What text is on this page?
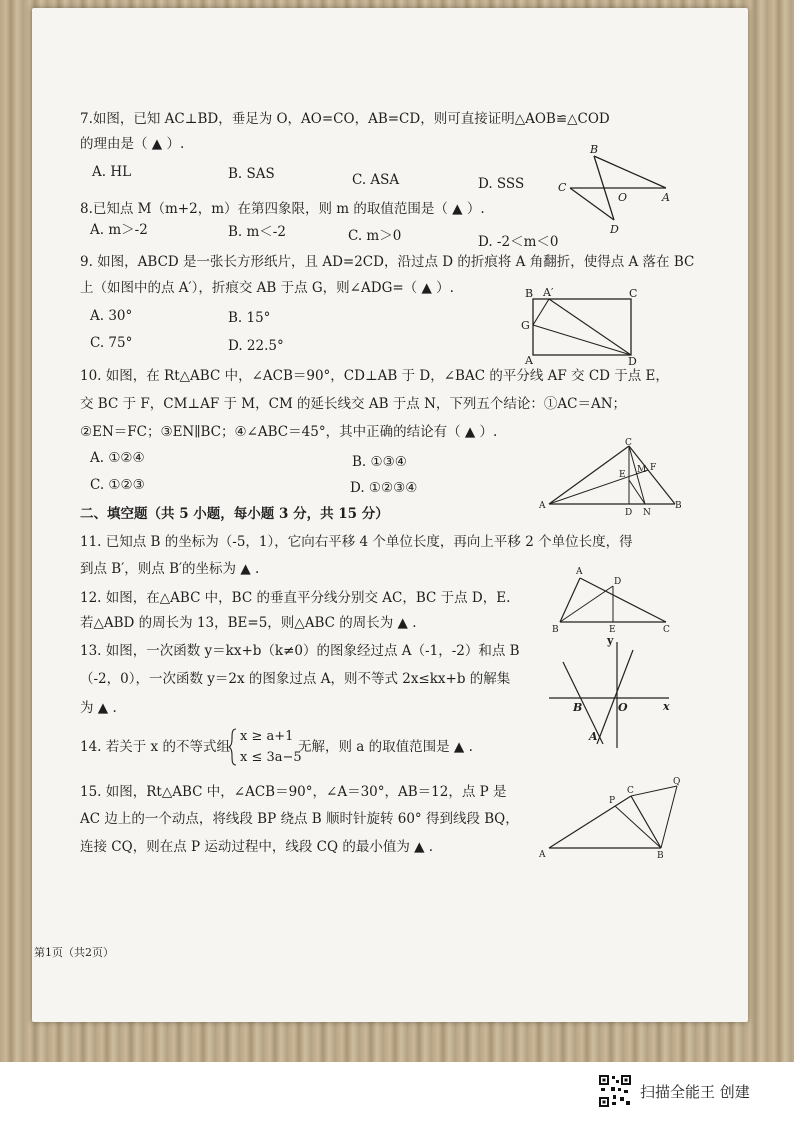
7.如图，已知 AC⊥BD，垂足为 O，AO=CO，AB=CD，则可直接证明△AOB≌△COD
的理由是（ ▲ ）.
A. HL	B. SAS	C. ASA	D. SSS
B
C
O	A
D
8.已知点 M（m+2，m）在第四象限，则 m 的取值范围是（ ▲ ）.
A. m＞-2	B. m＜-2	C. m＞0	D. -2＜m＜0
9. 如图，ABCD 是一张长方形纸片，且 AD=2CD，沿过点 D 的折痕将 A 角翻折，使得点 A 落在 BC
上（如图中的点 A′），折痕交 AB 于点 G，则∠ADG=（ ▲ ）.
A. 30°	B. 15°
C. 75°	D. 22.5°
B A′	C
G
A	D
10. 如图，在 Rt△ABC 中，∠ACB＝90°，CD⊥AB 于 D，∠BAC 的平分线 AF 交 CD 于点 E，
交 BC 于 F，CM⊥AF 于 M，CM 的延长线交 AB 于点 N，下列五个结论：①AC＝AN；
②EN＝FC；③EN∥BC；④∠ABC＝45°，其中正确的结论有（ ▲ ）.
A. ①②④	B. ①③④
C. ①②③	D. ①②③④
C
E M F
A
D N
B
二、填空题（共 5 小题，每小题 3 分，共 15 分）
11. 已知点 B 的坐标为（-5，1），它向右平移 4 个单位长度，再向上平移 2 个单位长度，得
到点 B′，则点 B′的坐标为 ▲ .
12. 如图，在△ABC 中，BC 的垂直平分线分别交 AC，BC 于点 D，E.
若△ABD 的周长为 13，BE=5，则△ABC 的周长为 ▲ .
A
D
B	E	C
13. 如图，一次函数 y＝kx+b（k≠0）的图象经过点 A（-1，-2）和点 B
（-2，0），一次函数 y＝2x 的图象过点 A，则不等式 2x≤kx+b 的解集
为 ▲ .
y
B	O	x
A
14. 若关于 x 的不等式组
x ≥ a+1
x ≤ 3a−5
无解，则 a 的取值范围是 ▲ .
15. 如图，Rt△ABC 中，∠ACB＝90°，∠A＝30°，AB＝12，点 P 是
AC 边上的一个动点，将线段 BP 绕点 B 顺时针旋转 60° 得到线段 BQ，
连接 CQ，则在点 P 运动过程中，线段 CQ 的最小值为 ▲ .
Q
P
C
A	B
第1页（共2页）
扫描全能王 创建
